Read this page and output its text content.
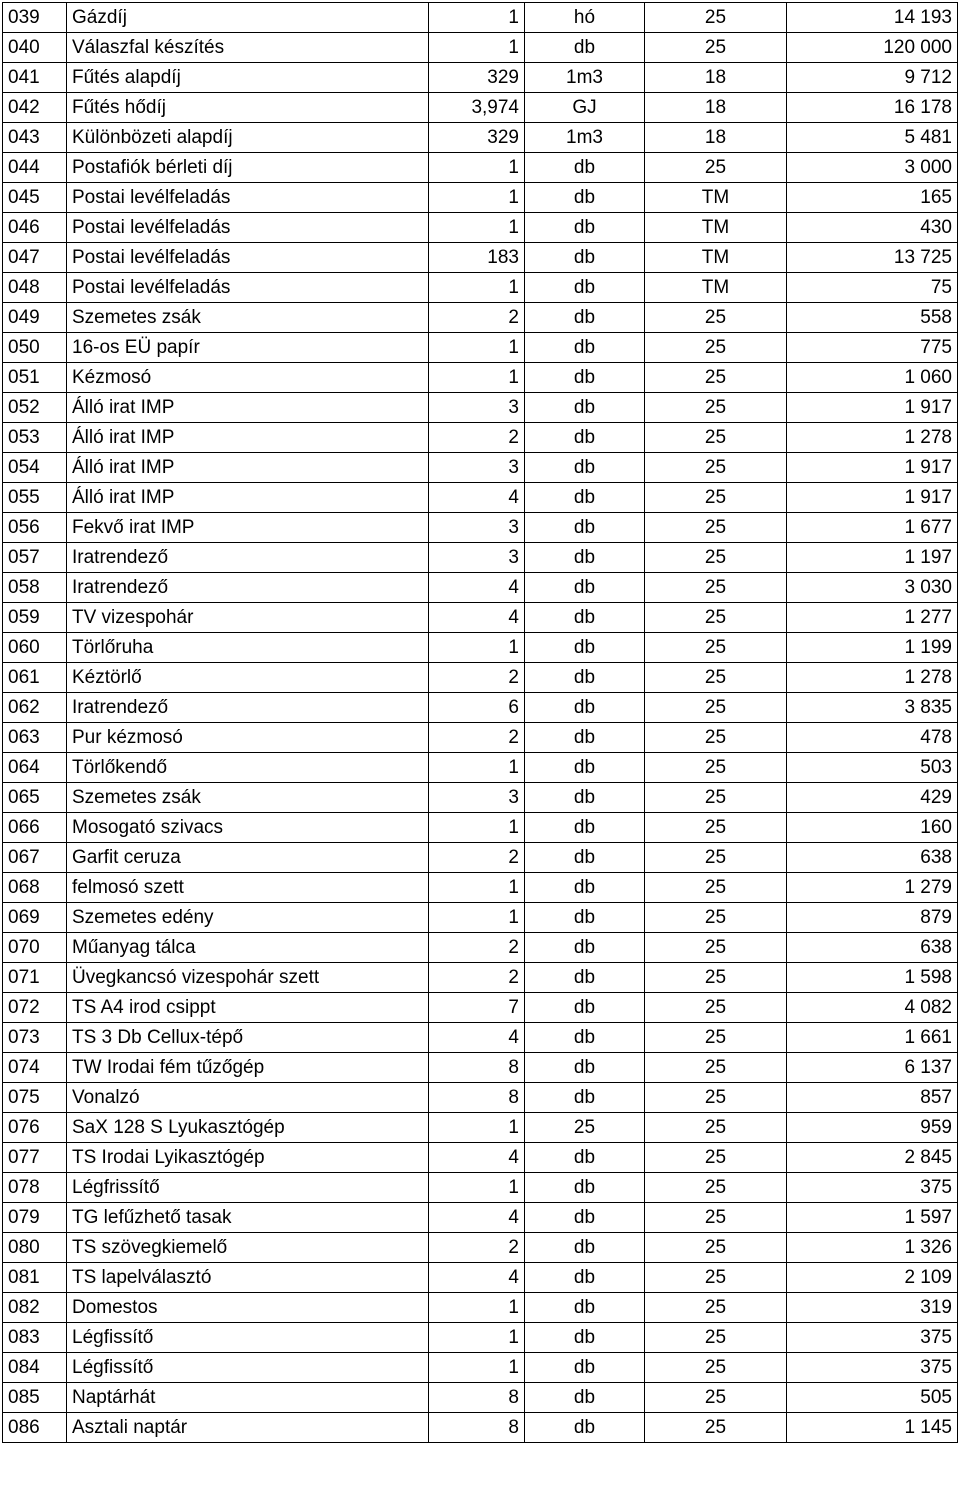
039	Gázdíj	1	hó	25	14 193
040	Válaszfal készítés	1	db	25	120 000
041	Fűtés alapdíj	329	1m3	18	9 712
042	Fűtés hődíj	3,974	GJ	18	16 178
043	Különbözeti alapdíj	329	1m3	18	5 481
044	Postafiók bérleti díj	1	db	25	3 000
045	Postai levélfeladás	1	db	TM	165
046	Postai levélfeladás	1	db	TM	430
047	Postai levélfeladás	183	db	TM	13 725
048	Postai levélfeladás	1	db	TM	75
049	Szemetes zsák	2	db	25	558
050	16-os EÜ papír	1	db	25	775
051	Kézmosó	1	db	25	1 060
052	Álló irat IMP	3	db	25	1 917
053	Álló irat IMP	2	db	25	1 278
054	Álló irat IMP	3	db	25	1 917
055	Álló irat IMP	4	db	25	1 917
056	Fekvő irat IMP	3	db	25	1 677
057	Iratrendező	3	db	25	1 197
058	Iratrendező	4	db	25	3 030
059	TV vizespohár	4	db	25	1 277
060	Törlőruha	1	db	25	1 199
061	Kéztörlő	2	db	25	1 278
062	Iratrendező	6	db	25	3 835
063	Pur kézmosó	2	db	25	478
064	Törlőkendő	1	db	25	503
065	Szemetes zsák	3	db	25	429
066	Mosogató szivacs	1	db	25	160
067	Garfit ceruza	2	db	25	638
068	felmosó szett	1	db	25	1 279
069	Szemetes edény	1	db	25	879
070	Műanyag tálca	2	db	25	638
071	Üvegkancsó vizespohár szett	2	db	25	1 598
072	TS A4 irod csippt	7	db	25	4 082
073	TS 3 Db Cellux-tépő	4	db	25	1 661
074	TW Irodai fém tűzőgép	8	db	25	6 137
075	Vonalzó	8	db	25	857
076	SaX 128 S Lyukasztógép	1	25	25	959
077	TS Irodai Lyikasztógép	4	db	25	2 845
078	Légfrissítő	1	db	25	375
079	TG lefűzhető tasak	4	db	25	1 597
080	TS szövegkiemelő	2	db	25	1 326
081	TS lapelválasztó	4	db	25	2 109
082	Domestos	1	db	25	319
083	Légfissítő	1	db	25	375
084	Légfissítő	1	db	25	375
085	Naptárhát	8	db	25	505
086	Asztali naptár	8	db	25	1 145
